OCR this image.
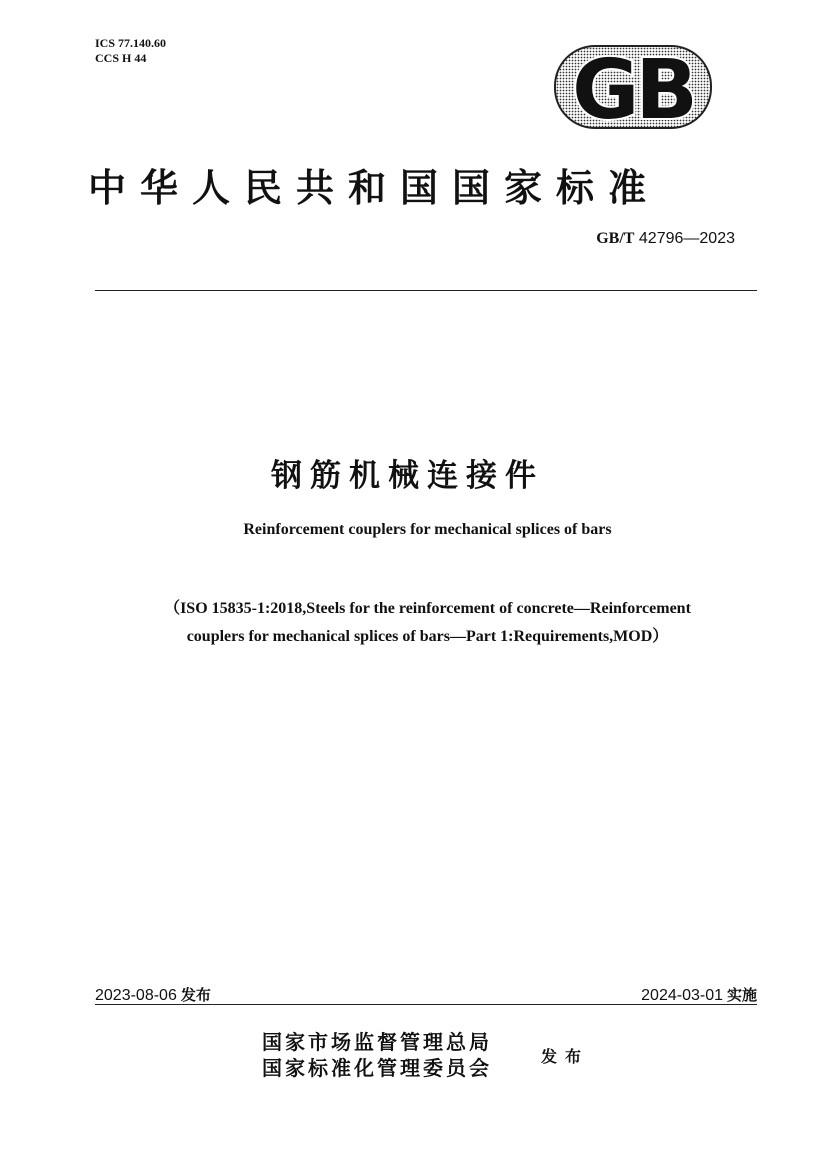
ICS 77.140.60
CCS H 44	GB
中华人民共和国国家标准
GB/T 42796—2023
钢筋机械连接件
Reinforcement couplers for mechanical splices of bars
（ISO 15835-1:2018,Steels for the reinforcement of concrete—Reinforcement
couplers for mechanical splices of bars—Part 1:Requirements,MOD）
2023-08-06 发布	2024-03-01 实施
国家市场监督管理总局
国家标准化管理委员会	发布
